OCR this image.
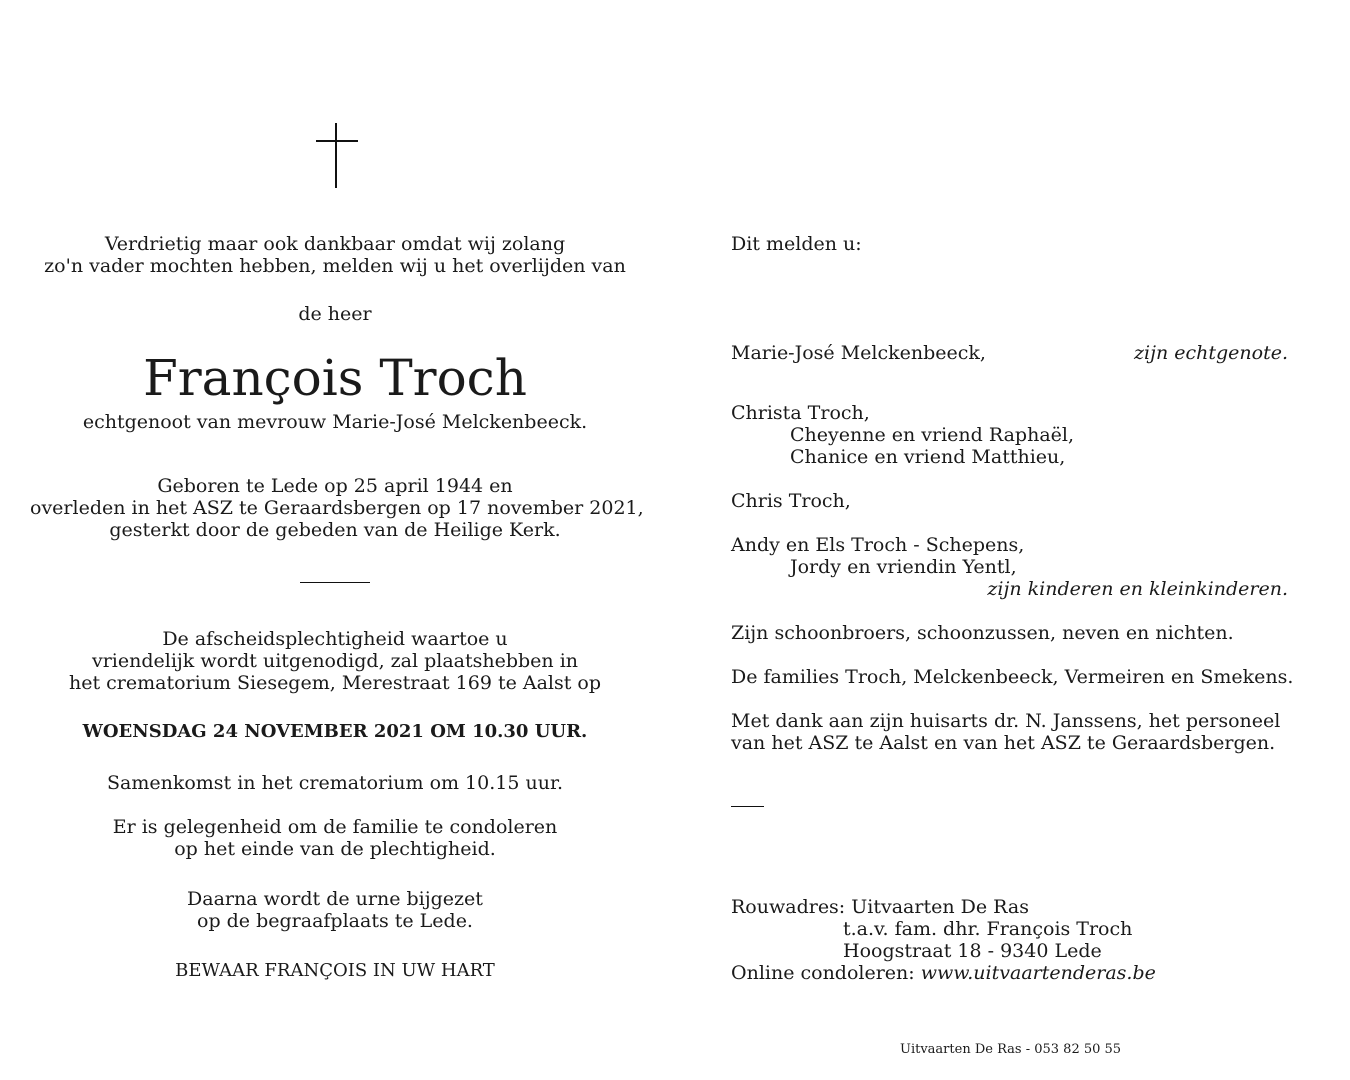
Verdrietig maar ook dankbaar omdat wij zolang
zo'n vader mochten hebben, melden wij u het overlijden van
de heer
François Troch
echtgenoot van mevrouw Marie-José Melckenbeeck.
Geboren te Lede op 25 april 1944 en
overleden in het ASZ te Geraardsbergen op 17 november 2021,
gesterkt door de gebeden van de Heilige Kerk.
De afscheidsplechtigheid waartoe u
vriendelijk wordt uitgenodigd, zal plaatshebben in
het crematorium Siesegem, Merestraat 169 te Aalst op
WOENSDAG 24 NOVEMBER 2021 OM 10.30 UUR.
Samenkomst in het crematorium om 10.15 uur.
Er is gelegenheid om de familie te condoleren
op het einde van de plechtigheid.
Daarna wordt de urne bijgezet
op de begraafplaats te Lede.
BEWAAR FRANÇOIS IN UW HART
Dit melden u:
Marie-José Melckenbeeck,	zijn echtgenote.
Christa Troch,
Cheyenne en vriend Raphaël,
Chanice en vriend Matthieu,
Chris Troch,
Andy en Els Troch - Schepens,
Jordy en vriendin Yentl,
zijn kinderen en kleinkinderen.
Zijn schoonbroers, schoonzussen, neven en nichten.
De families Troch, Melckenbeeck, Vermeiren en Smekens.
Met dank aan zijn huisarts dr. N. Janssens, het personeel
van het ASZ te Aalst en van het ASZ te Geraardsbergen.
Rouwadres: Uitvaarten De Ras
t.a.v. fam. dhr. François Troch
Hoogstraat 18 - 9340 Lede
Online condoleren: www.uitvaartenderas.be
Uitvaarten De Ras - 053 82 50 55
